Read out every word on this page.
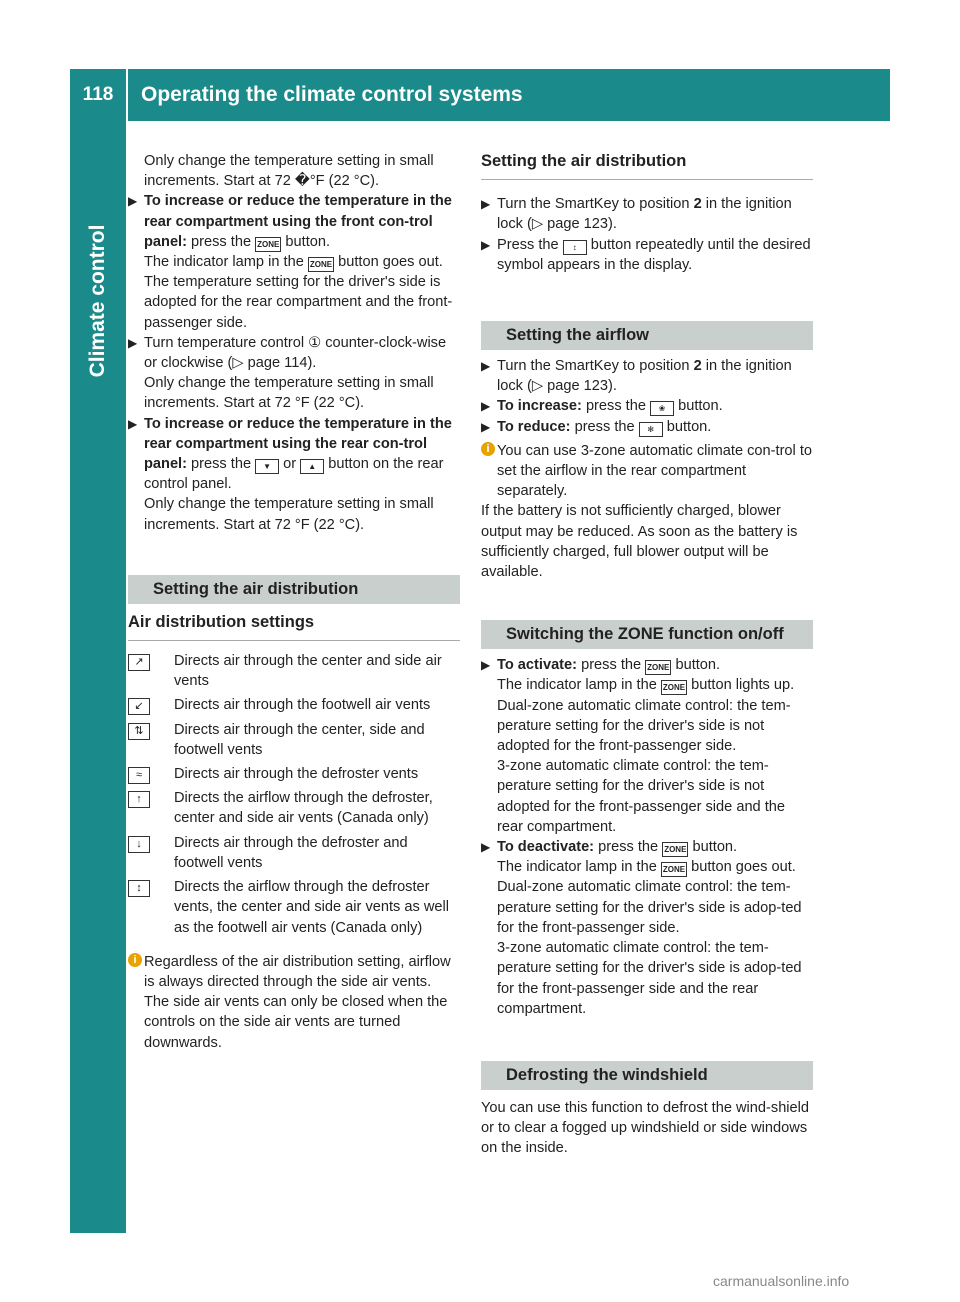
118	Operating the climate control systems
Climate control

Only change the temperature setting in small increments. Start at 72 �°F (22 ‌°C).

▶ To increase or reduce the temperature in the rear compartment using the front con-trol panel: press the ZONE button.
The indicator lamp in the ZONE button goes out.
The temperature setting for the driver's side is adopted for the rear compartment and the front-passenger side.
▶ Turn temperature control ① counter-clock-wise or clockwise (▷ page 114).
Only change the temperature setting in small increments. Start at 72 ‌°F (22 ‌°C).
▶ To increase or reduce the temperature in the rear compartment using the rear con-trol panel: press the ▼ or ▲ button on the rear control panel.
Only change the temperature setting in small increments. Start at 72 ‌°F (22 ‌°C).
Setting the air distribution
Air distribution settings
↗	Directs air through the center and side air vents
↙	Directs air through the footwell air vents
⇅	Directs air through the center, side and footwell vents
≈	Directs air through the defroster vents
↑	Directs the airflow through the defroster, center and side air vents (Canada only)
↓	Directs air through the defroster and footwell vents
↕	Directs the airflow through the defroster vents, the center and side air vents as well as the footwell air vents (Canada only)
i Regardless of the air distribution setting, airflow is always directed through the side air vents. The side air vents can only be closed when the controls on the side air vents are turned downwards.
Setting the air distribution
▶ Turn the SmartKey to position 2 in the ignition lock (▷ page 123).
▶ Press the ↕ button repeatedly until the desired symbol appears in the display.
Setting the airflow
▶ Turn the SmartKey to position 2 in the ignition lock (▷ page 123).
▶ To increase: press the ❀ button.
▶ To reduce: press the ✻ button.
i You can use 3-zone automatic climate con-trol to set the airflow in the rear compartment separately.

If the battery is not sufficiently charged, blower output may be reduced. As soon as the battery is sufficiently charged, full blower output will be available.

Switching the ZONE function on/off
▶ To activate: press the ZONE button.
The indicator lamp in the ZONE button lights up.
Dual-zone automatic climate control: the tem-perature setting for the driver's side is not adopted for the front-passenger side.
3-zone automatic climate control: the tem-perature setting for the driver's side is not adopted for the front-passenger side and the rear compartment.
▶ To deactivate: press the ZONE button.
The indicator lamp in the ZONE button goes out.
Dual-zone automatic climate control: the tem-perature setting for the driver's side is adop-ted for the front-passenger side.
3-zone automatic climate control: the tem-perature setting for the driver's side is adop-ted for the front-passenger side and the rear compartment.
Defrosting the windshield

You can use this function to defrost the wind-shield or to clear a fogged up windshield or side windows on the inside.

carmanualsonline.info
